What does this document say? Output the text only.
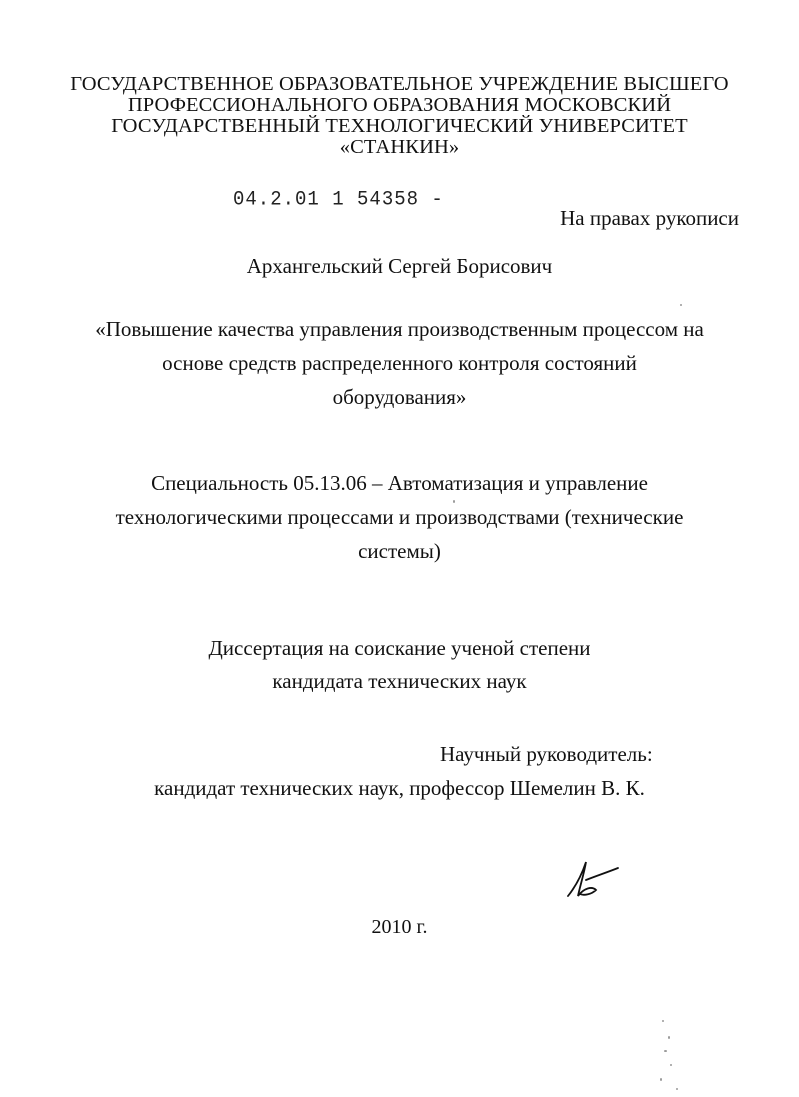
ГОСУДАРСТВЕННОЕ ОБРАЗОВАТЕЛЬНОЕ УЧРЕЖДЕНИЕ ВЫСШЕГО
ПРОФЕССИОНАЛЬНОГО ОБРАЗОВАНИЯ МОСКОВСКИЙ
ГОСУДАРСТВЕННЫЙ ТЕХНОЛОГИЧЕСКИЙ УНИВЕРСИТЕТ
«СТАНКИН»
04.2.01 1 54358 -
На правах рукописи
Архангельский Сергей Борисович
«Повышение качества управления производственным процессом на
основе средств распределенного контроля состояний
оборудования»
Специальность 05.13.06 – Автоматизация и управление
технологическими процессами и производствами (технические
системы)
Диссертация на соискание ученой степени
кандидата технических наук
Научный руководитель:
кандидат технических наук, профессор Шемелин В. К.
2010 г.
